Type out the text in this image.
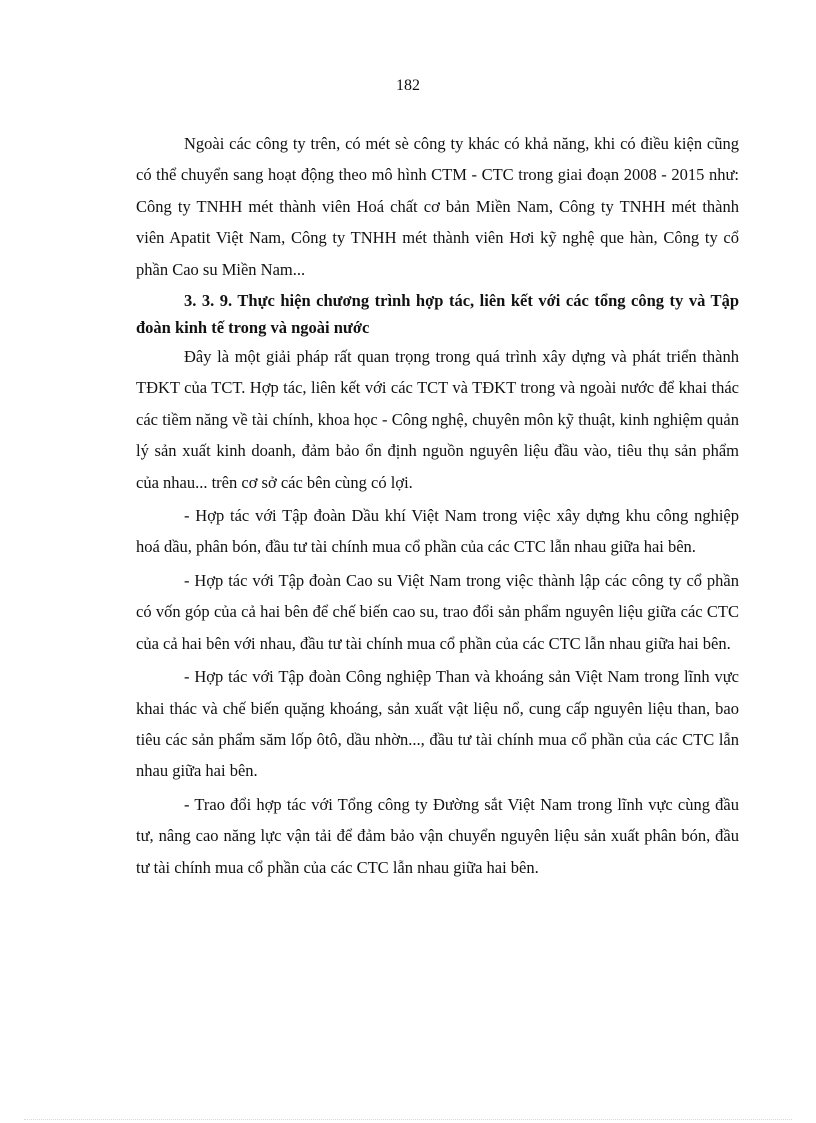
182

Ngoài các công ty trên, có mét sè công ty khác có khả năng, khi có điều kiện cũng có thể chuyển sang hoạt động theo mô hình CTM - CTC trong giai đoạn 2008 - 2015 như: Công ty TNHH mét thành viên Hoá chất cơ bản Miền Nam, Công ty TNHH mét thành viên Apatit Việt Nam, Công ty TNHH mét thành viên Hơi kỹ nghệ que hàn, Công ty cổ phần Cao su Miền Nam...

3. 3. 9. Thực hiện chương trình hợp tác, liên kết với các tổng công ty và Tập đoàn kinh tế trong và ngoài nước

Đây là một giải pháp rất quan trọng trong quá trình xây dựng và phát triển thành TĐKT của TCT. Hợp tác, liên kết với các TCT và TĐKT trong và ngoài nước để khai thác các tiềm năng về tài chính, khoa học - Công nghệ, chuyên môn kỹ thuật, kinh nghiệm quản lý sản xuất kinh doanh, đảm bảo ổn định nguồn nguyên liệu đầu vào, tiêu thụ sản phẩm của nhau... trên cơ sở các bên cùng có lợi.

- Hợp tác với Tập đoàn Dầu khí Việt Nam trong việc xây dựng khu công nghiệp hoá dầu, phân bón, đầu tư tài chính mua cổ phần của các CTC lẫn nhau giữa hai bên.

- Hợp tác với Tập đoàn Cao su Việt Nam trong việc thành lập các công ty cổ phần có vốn góp của cả hai bên để chế biến cao su, trao đổi sản phẩm nguyên liệu giữa các CTC của cả hai bên với nhau, đầu tư tài chính mua cổ phần của các CTC lẫn nhau giữa hai bên.

- Hợp tác với Tập đoàn Công nghiệp Than và khoáng sản Việt Nam trong lĩnh vực khai thác và chế biến quặng khoáng, sản xuất vật liệu nổ, cung cấp nguyên liệu than, bao tiêu các sản phẩm săm lốp ôtô, dầu nhờn..., đầu tư tài chính mua cổ phần của các CTC lẫn nhau giữa hai bên.

- Trao đổi hợp tác với Tổng công ty Đường sắt Việt Nam trong lĩnh vực cùng đầu tư, nâng cao năng lực vận tải để đảm bảo vận chuyển nguyên liệu sản xuất phân bón, đầu tư tài chính mua cổ phần của các CTC lẫn nhau giữa hai bên.
